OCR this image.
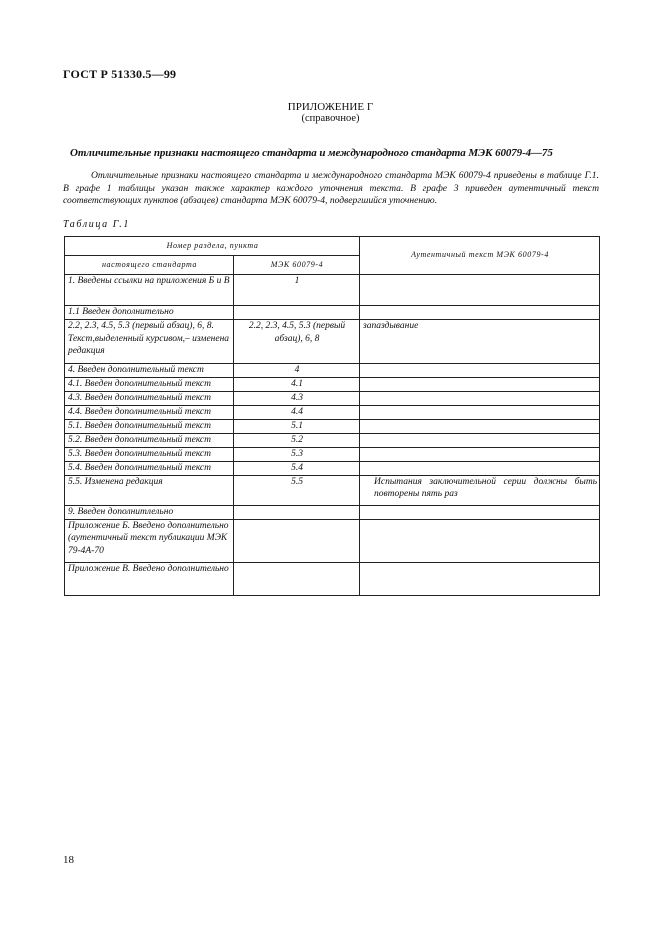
ГОСТ Р 51330.5—99
ПРИЛОЖЕНИЕ Г
(справочное)
Отличительные признаки настоящего стандарта и международного стандарта МЭК 60079-4—75
Отличительные признаки настоящего стандарта и международного стандарта МЭК 60079-4 приведены в таблице Г.1. В графе 1 таблицы указан также характер каждого уточнения текста. В графе 3 приведен аутентичный текст соответствующих пунктов (абзацев) стандарта МЭК 60079-4, подвергшийся уточнению.
Таблица Г.1
Номер раздела, пункта		Аутентичный текст МЭК 60079-4
настоящего стандарта	МЭК 60079-4	
1. Введены ссылки на приложения Б и В	1	
1.1 Введен дополнительно		
2.2, 2.3, 4.5, 5.3 (первый абзац), 6, 8. Текст,выделенный курсивом,– изменена редакция	2.2, 2.3, 4.5, 5.3 (первый абзац), 6, 8	запаздывание
4. Введен дополнительный текст	4	
4.1. Введен дополнительный текст	4.1	
4.3. Введен дополнительный текст	4.3	
4.4. Введен дополнительный текст	4.4	
5.1. Введен дополнительный текст	5.1	
5.2. Введен дополнительный текст	5.2	
5.3. Введен дополнительный текст	5.3	
5.4. Введен дополнительный текст	5.4	
5.5. Изменена редакция	5.5	Испытания заключительной серии должны быть повторены пять раз
9. Введен дополнитлельно		
Приложение Б. Введено дополнительно (аутентичный текст публикации МЭК 79-4А-70		
Приложение В. Введено дополнительно		
18
